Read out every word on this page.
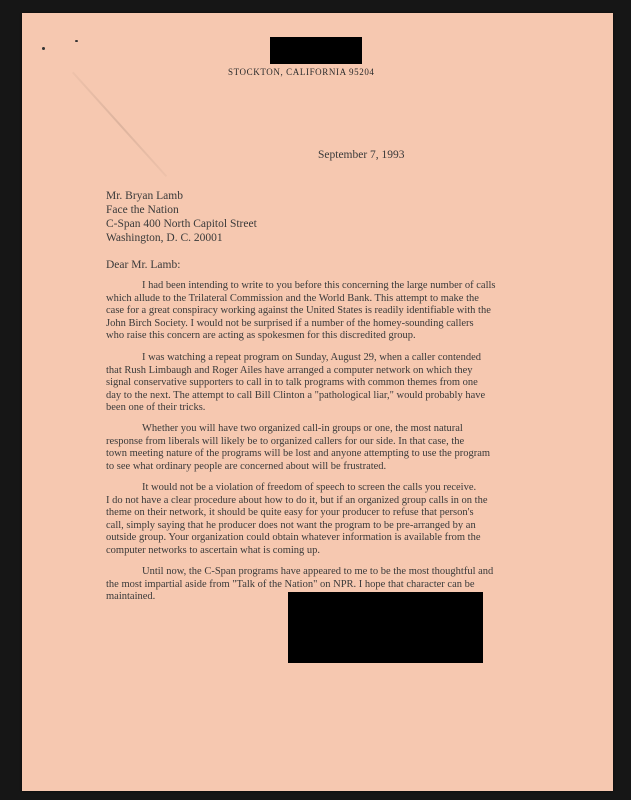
STOCKTON, CALIFORNIA 95204
September 7, 1993
Mr. Bryan Lamb
Face the Nation
C-Span 400 North Capitol Street
Washington, D. C. 20001
Dear Mr. Lamb:
I had been intending to write to you before this concerning the large number of calls
which allude to the Trilateral Commission and the World Bank. This attempt to make the
case for a great conspiracy working against the United States is readily identifiable with the
John Birch Society. I would not be surprised if a number of the homey-sounding callers
who raise this concern are acting as spokesmen for this discredited group.
I was watching a repeat program on Sunday, August 29, when a caller contended
that Rush Limbaugh and Roger Ailes have arranged a computer network on which they
signal conservative supporters to call in to talk programs with common themes from one
day to the next. The attempt to call Bill Clinton a "pathological liar," would probably have
been one of their tricks.
Whether you will have two organized call-in groups or one, the most natural
response from liberals will likely be to organized callers for our side. In that case, the
town meeting nature of the programs will be lost and anyone attempting to use the program
to see what ordinary people are concerned about will be frustrated.
It would not be a violation of freedom of speech to screen the calls you receive.
I do not have a clear procedure about how to do it, but if an organized group calls in on the
theme on their network, it should be quite easy for your producer to refuse that person's
call, simply saying that he producer does not want the program to be pre-arranged by an
outside group. Your organization could obtain whatever information is available from the
computer networks to ascertain what is coming up.
Until now, the C-Span programs have appeared to me to be the most thoughtful and
the most impartial aside from "Talk of the Nation" on NPR. I hope that character can be
maintained.
